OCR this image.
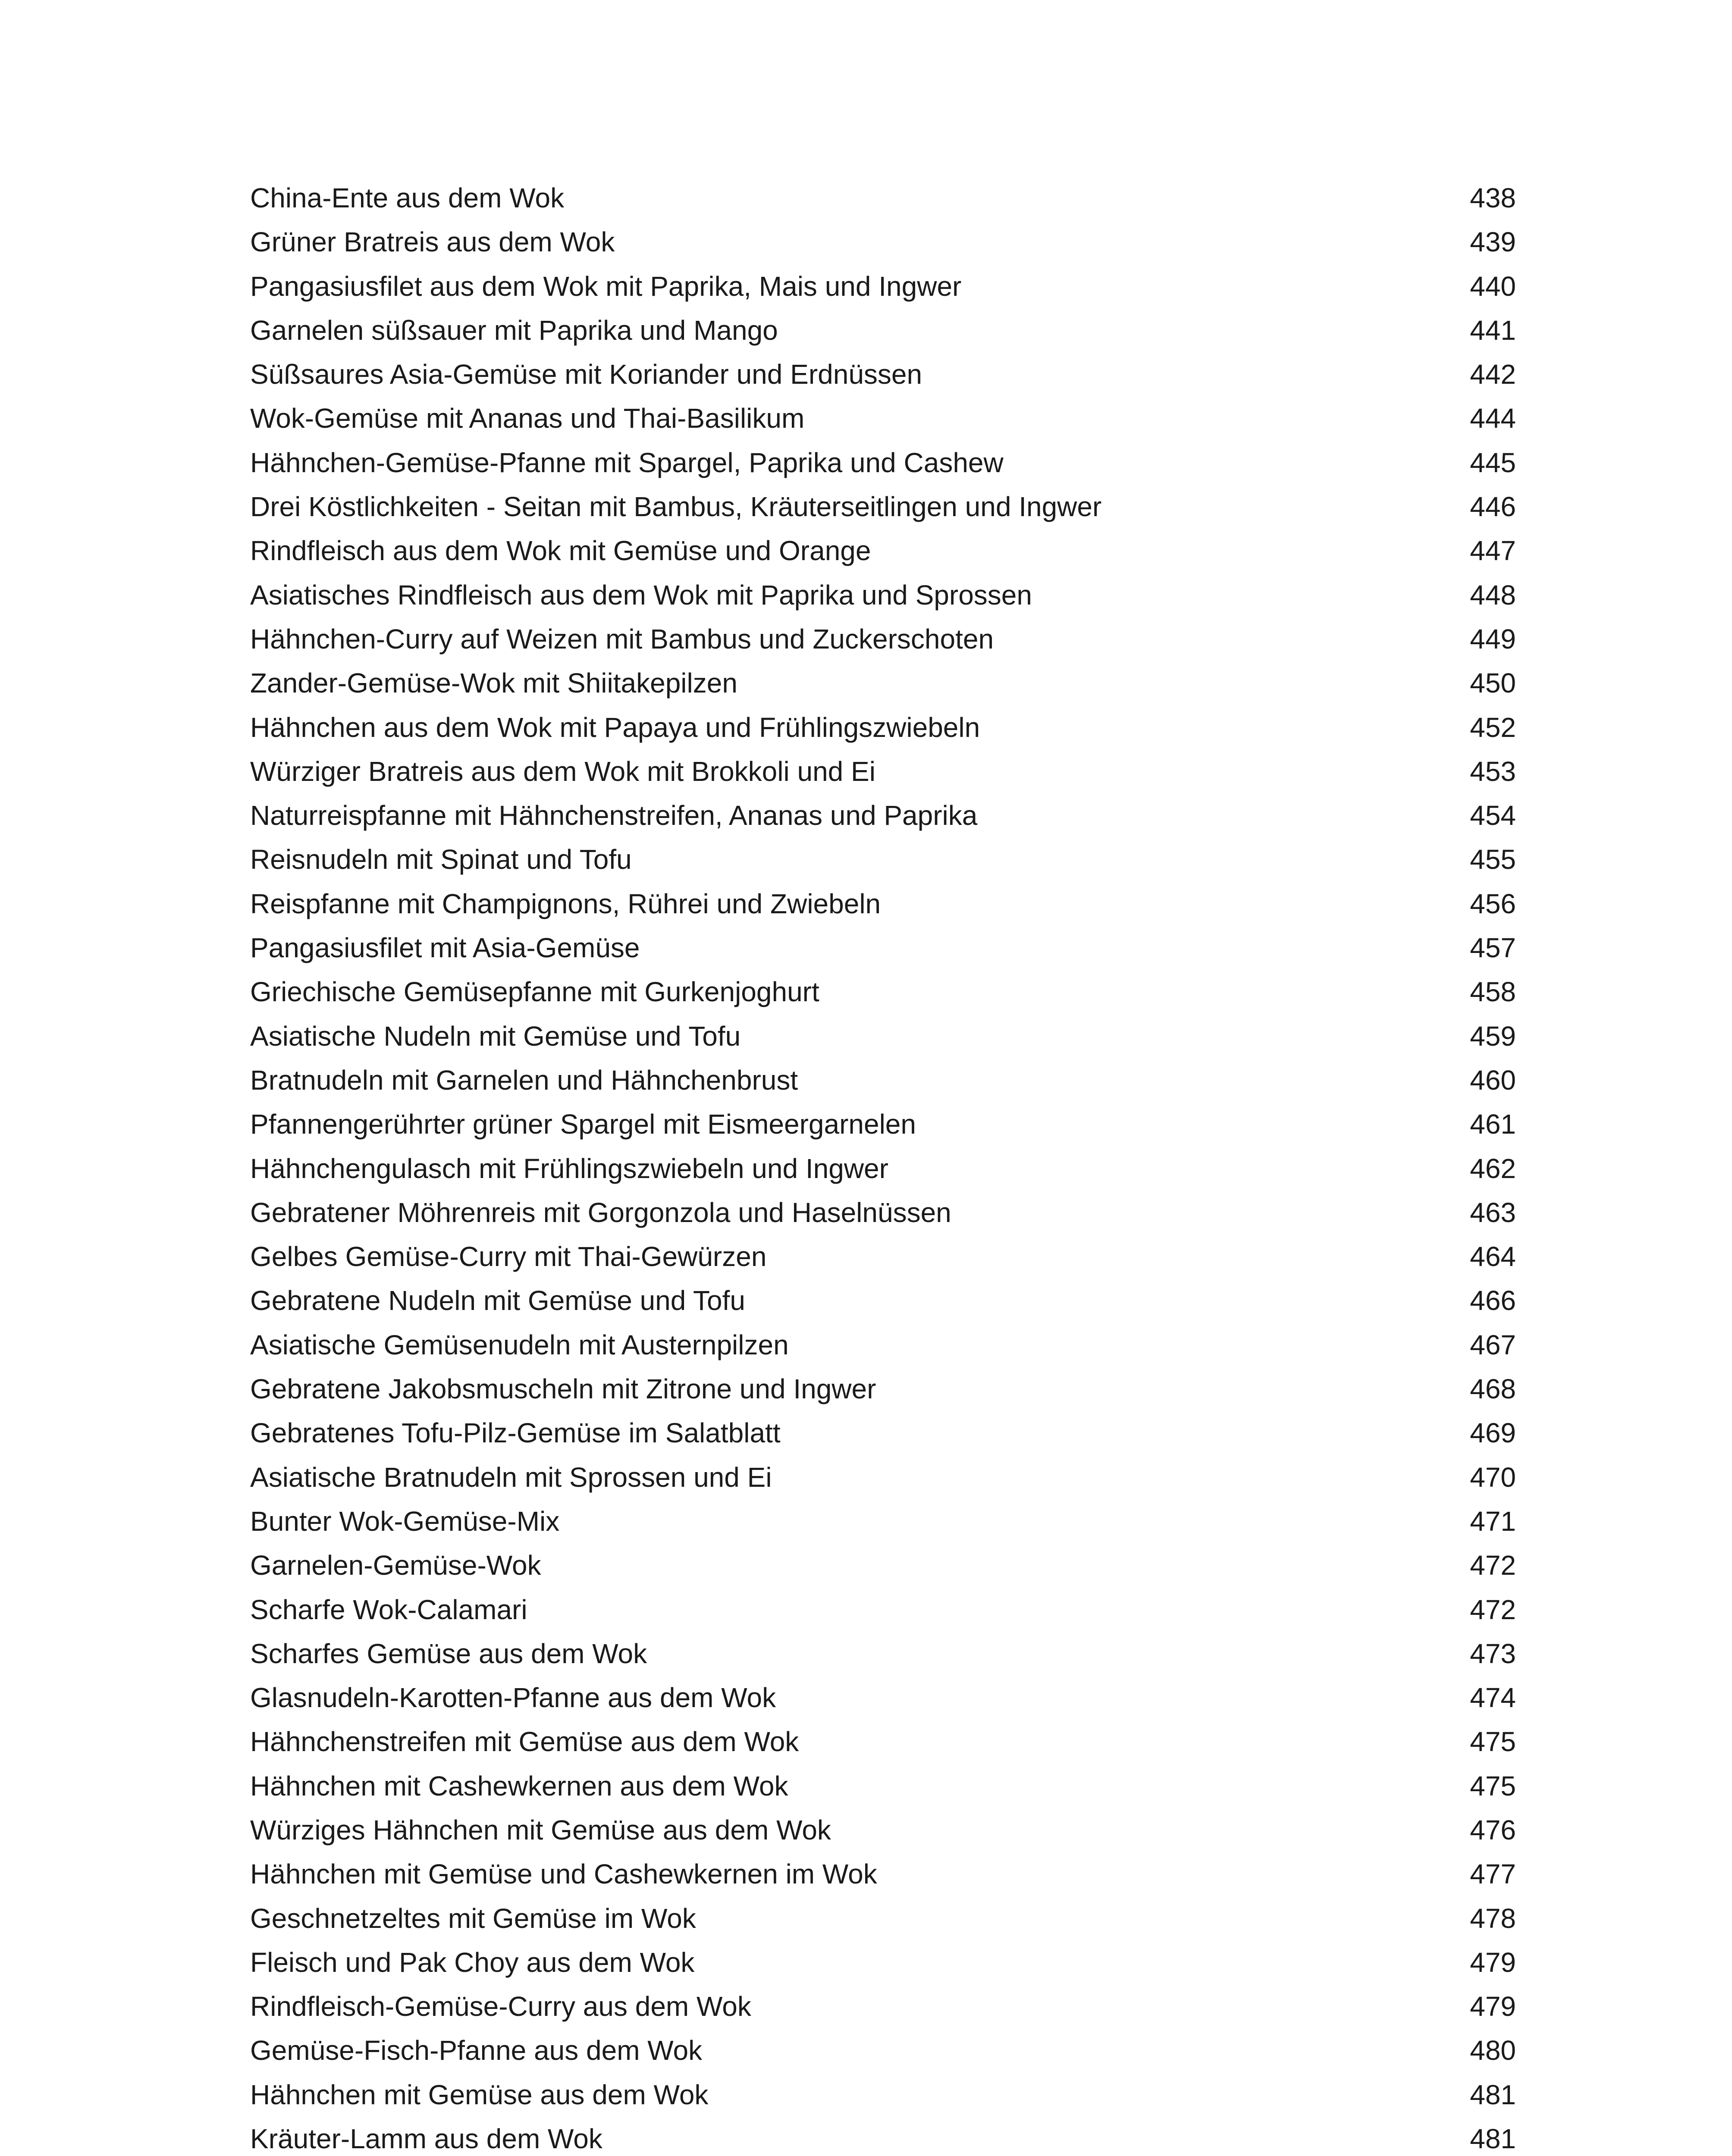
China-Ente aus dem Wok	438
Grüner Bratreis aus dem Wok	439
Pangasiusfilet aus dem Wok mit Paprika, Mais und Ingwer	440
Garnelen süßsauer mit Paprika und Mango	441
Süßsaures Asia-Gemüse mit Koriander und Erdnüssen	442
Wok-Gemüse mit Ananas und Thai-Basilikum	444
Hähnchen-Gemüse-Pfanne mit Spargel, Paprika und Cashew	445
Drei Köstlichkeiten - Seitan mit Bambus, Kräuterseitlingen und Ingwer	446
Rindfleisch aus dem Wok mit Gemüse und Orange	447
Asiatisches Rindfleisch aus dem Wok mit Paprika und Sprossen	448
Hähnchen-Curry auf Weizen mit Bambus und Zuckerschoten	449
Zander-Gemüse-Wok mit Shiitakepilzen	450
Hähnchen aus dem Wok mit Papaya und Frühlingszwiebeln	452
Würziger Bratreis aus dem Wok mit Brokkoli und Ei	453
Naturreispfanne mit Hähnchenstreifen, Ananas und Paprika	454
Reisnudeln mit Spinat und Tofu	455
Reispfanne mit Champignons, Rührei und Zwiebeln	456
Pangasiusfilet mit Asia-Gemüse	457
Griechische Gemüsepfanne mit Gurkenjoghurt	458
Asiatische Nudeln mit Gemüse und Tofu	459
Bratnudeln mit Garnelen und Hähnchenbrust	460
Pfannengerührter grüner Spargel mit Eismeergarnelen	461
Hähnchengulasch mit Frühlingszwiebeln und Ingwer	462
Gebratener Möhrenreis mit Gorgonzola und Haselnüssen	463
Gelbes Gemüse-Curry mit Thai-Gewürzen	464
Gebratene Nudeln mit Gemüse und Tofu	466
Asiatische Gemüsenudeln mit Austernpilzen	467
Gebratene Jakobsmuscheln mit Zitrone und Ingwer	468
Gebratenes Tofu-Pilz-Gemüse im Salatblatt	469
Asiatische Bratnudeln mit Sprossen und Ei	470
Bunter Wok-Gemüse-Mix	471
Garnelen-Gemüse-Wok	472
Scharfe Wok-Calamari	472
Scharfes Gemüse aus dem Wok	473
Glasnudeln-Karotten-Pfanne aus dem Wok	474
Hähnchenstreifen mit Gemüse aus dem Wok	475
Hähnchen mit Cashewkernen aus dem Wok	475
Würziges Hähnchen mit Gemüse aus dem Wok	476
Hähnchen mit Gemüse und Cashewkernen im Wok	477
Geschnetzeltes mit Gemüse im Wok	478
Fleisch und Pak Choy aus dem Wok	479
Rindfleisch-Gemüse-Curry aus dem Wok	479
Gemüse-Fisch-Pfanne aus dem Wok	480
Hähnchen mit Gemüse aus dem Wok	481
Kräuter-Lamm aus dem Wok	481
